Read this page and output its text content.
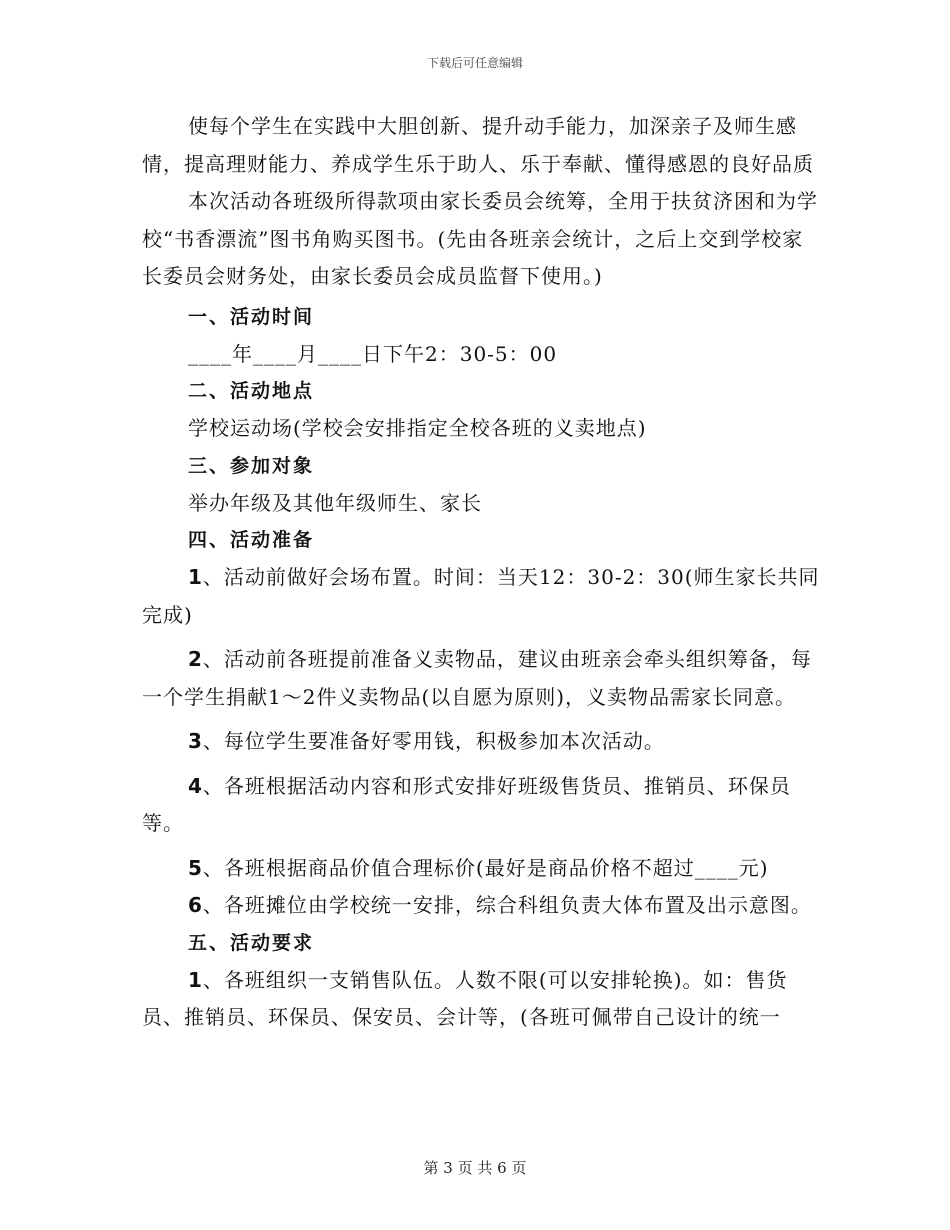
下载后可任意编辑

使每个学生在实践中大胆创新、提升动手能力，加深亲子及师生感情，提高理财能力、养成学生乐于助人、乐于奉献、懂得感恩的良好品质

本次活动各班级所得款项由家长委员会统筹，全用于扶贫济困和为学校“书香漂流”图书角购买图书。(先由各班亲会统计，之后上交到学校家长委员会财务处，由家长委员会成员监督下使用。)

一、活动时间

____年____月____日下午2：30-5：00

二、活动地点

学校运动场(学校会安排指定全校各班的义卖地点)

三、参加对象

举办年级及其他年级师生、家长

四、活动准备

1、活动前做好会场布置。时间：当天12：30-2：30(师生家长共同完成)

2、活动前各班提前准备义卖物品，建议由班亲会牵头组织筹备，每一个学生捐献1～2件义卖物品(以自愿为原则)，义卖物品需家长同意。

3、每位学生要准备好零用钱，积极参加本次活动。

4、各班根据活动内容和形式安排好班级售货员、推销员、环保员等。

5、各班根据商品价值合理标价(最好是商品价格不超过____元)

6、各班摊位由学校统一安排，综合科组负责大体布置及出示意图。

五、活动要求

1、各班组织一支销售队伍。人数不限(可以安排轮换)。如：售货员、推销员、环保员、保安员、会计等，(各班可佩带自己设计的统一

第 3 页 共 6 页
